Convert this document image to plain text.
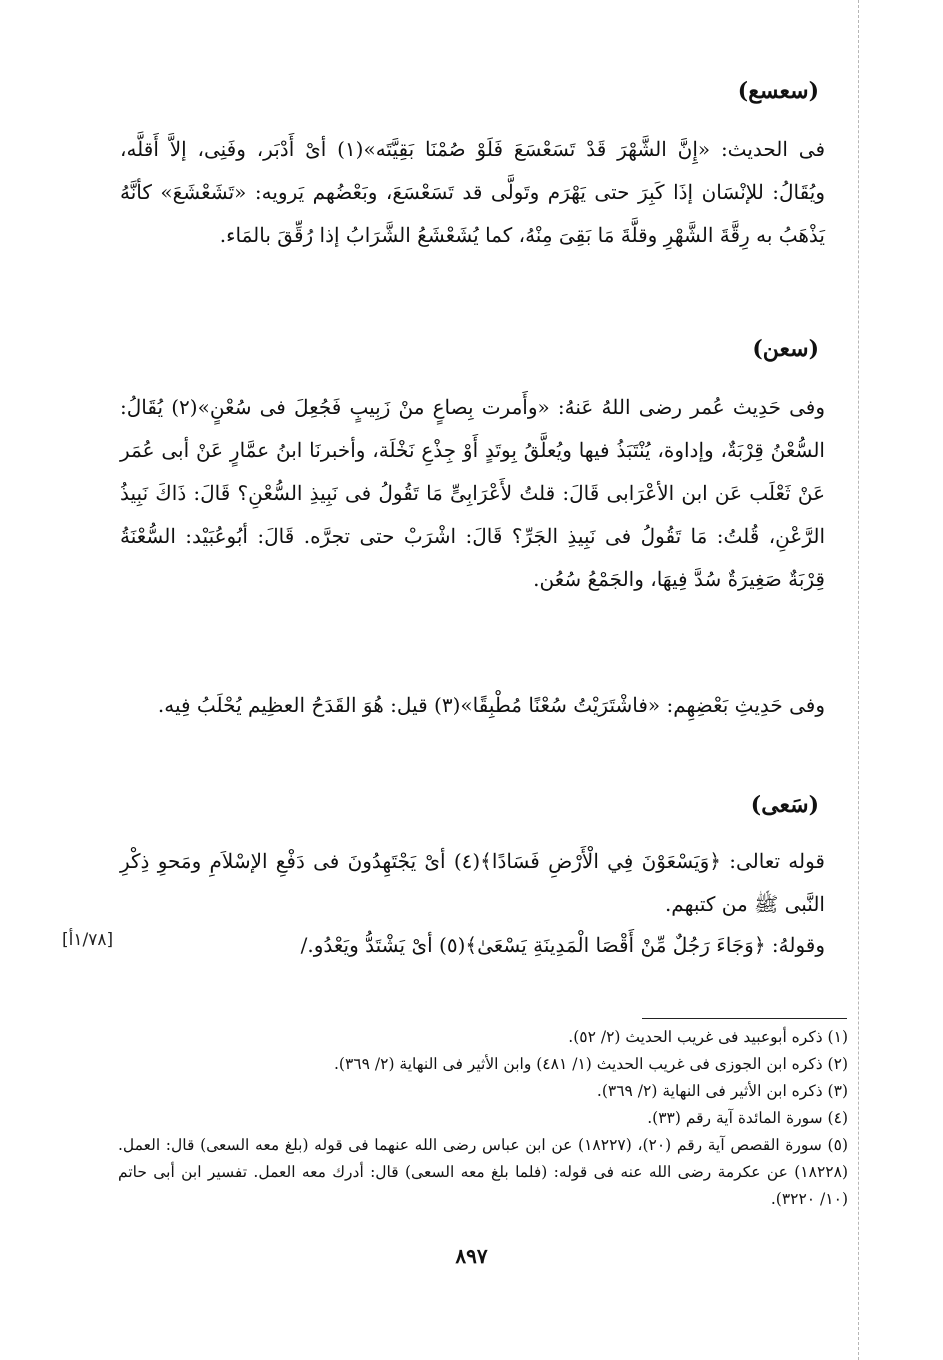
(سعسع)
فى الحديث: «إِنَّ الشَّهْرَ قَدْ تَسَعْسَعَ فَلَوْ صُمْنَا بَقِيَّتَه»(١) أىْ أَدْبَر، وفَنِى، إلاَّ أَقلَّه، ويُقَالُ: للإنْسَان إذَا كَبِرَ حتى يَهْرَم وتَولَّى قد تَسَعْسَعَ، وبَعْضُهم يَرويه: «تَشَعْشَعَ» كأنَّهُ يَذْهَبُ به رِقَّةَ الشَّهْرِ وقلَّةَ مَا بَقِىَ مِنْهُ، كما يُشَعْشَعُ الشَّرَابُ إذا رُقِّقَ بالمَاء.
(سعن)
وفى حَدِيث عُمر رضى اللهُ عَنهُ: «وأَمرت بِصاعٍ منْ زَبِيبٍ فَجُعِلَ فى سُعْنٍ»(٢) يُقَالُ: السُّعْنُ قِرْبَةٌ، وإداوة، يُنْتَبَذُ فيها ويُعلَّقُ بِوتَدٍ أَوْ جِذْعِ نَخْلَة، وأخبرنَا ابنُ عمَّارٍ عَنْ أبى عُمَر عَنْ ثَعْلَب عَن ابن الأعْرَابى قَالَ: قلتُ لأَعْرَابِىٍّ مَا تَقُولُ فى نَبِيذِ السُّعْنِ؟ قَالَ: ذَاكَ نَبِيذُ الرَّعْنِ، قُلتُ: مَا تَقُولُ فى نَبِيذِ الجَرِّ؟ قَالَ: اشْرَبْ حتى تجرَّه. قَالَ: أبُوعُبَيْد: السُّعْنَةُ قِرْبَةٌ صَغِيرَةٌ سُدَّ فِيهَا، والجَمْعُ سُعُن.
وفى حَدِيثِ بَعْضِهِم: «فاشْتَرَيْتُ سُعْنًا مُطْبِقًا»(٣) قيل: هُوَ القَدَحُ العظِيم يُحْلَبُ فِيه.
(سَعى)
قوله تعالى: ﴿وَيَسْعَوْنَ فِي الْأَرْضِ فَسَادًا﴾(٤) أىْ يَجْتَهِدُونَ فى دَفْعِ الإسْلاَمِ ومَحوِ ذِكْرِ النَّبى ﷺ من كتبهم.
وقولهُ: ﴿وَجَاءَ رَجُلٌ مِّنْ أَقْصَا الْمَدِينَةِ يَسْعَىٰ﴾(٥) أىْ يَشْتَدُّ ويَعْدُو./
[١/٧٨أ]
(١) ذكره أبوعبيد فى غريب الحديث (٢/ ٥٢).
(٢) ذكره ابن الجوزى فى غريب الحديث (١/ ٤٨١) وابن الأثير فى النهاية (٢/ ٣٦٩).
(٣) ذكره ابن الأثير فى النهاية (٢/ ٣٦٩).
(٤) سورة المائدة آية رقم (٣٣).
(٥) سورة القصص آية رقم (٢٠)، (١٨٢٢٧) عن ابن عباس رضى الله عنهما فى قوله (بلغ معه السعى) قال: العمل. (١٨٢٢٨) عن عكرمة رضى الله عنه فى قوله: (فلما بلغ معه السعى) قال: أدرك معه العمل. تفسير ابن أبى حاتم (١٠/ ٣٢٢٠).
٨٩٧
